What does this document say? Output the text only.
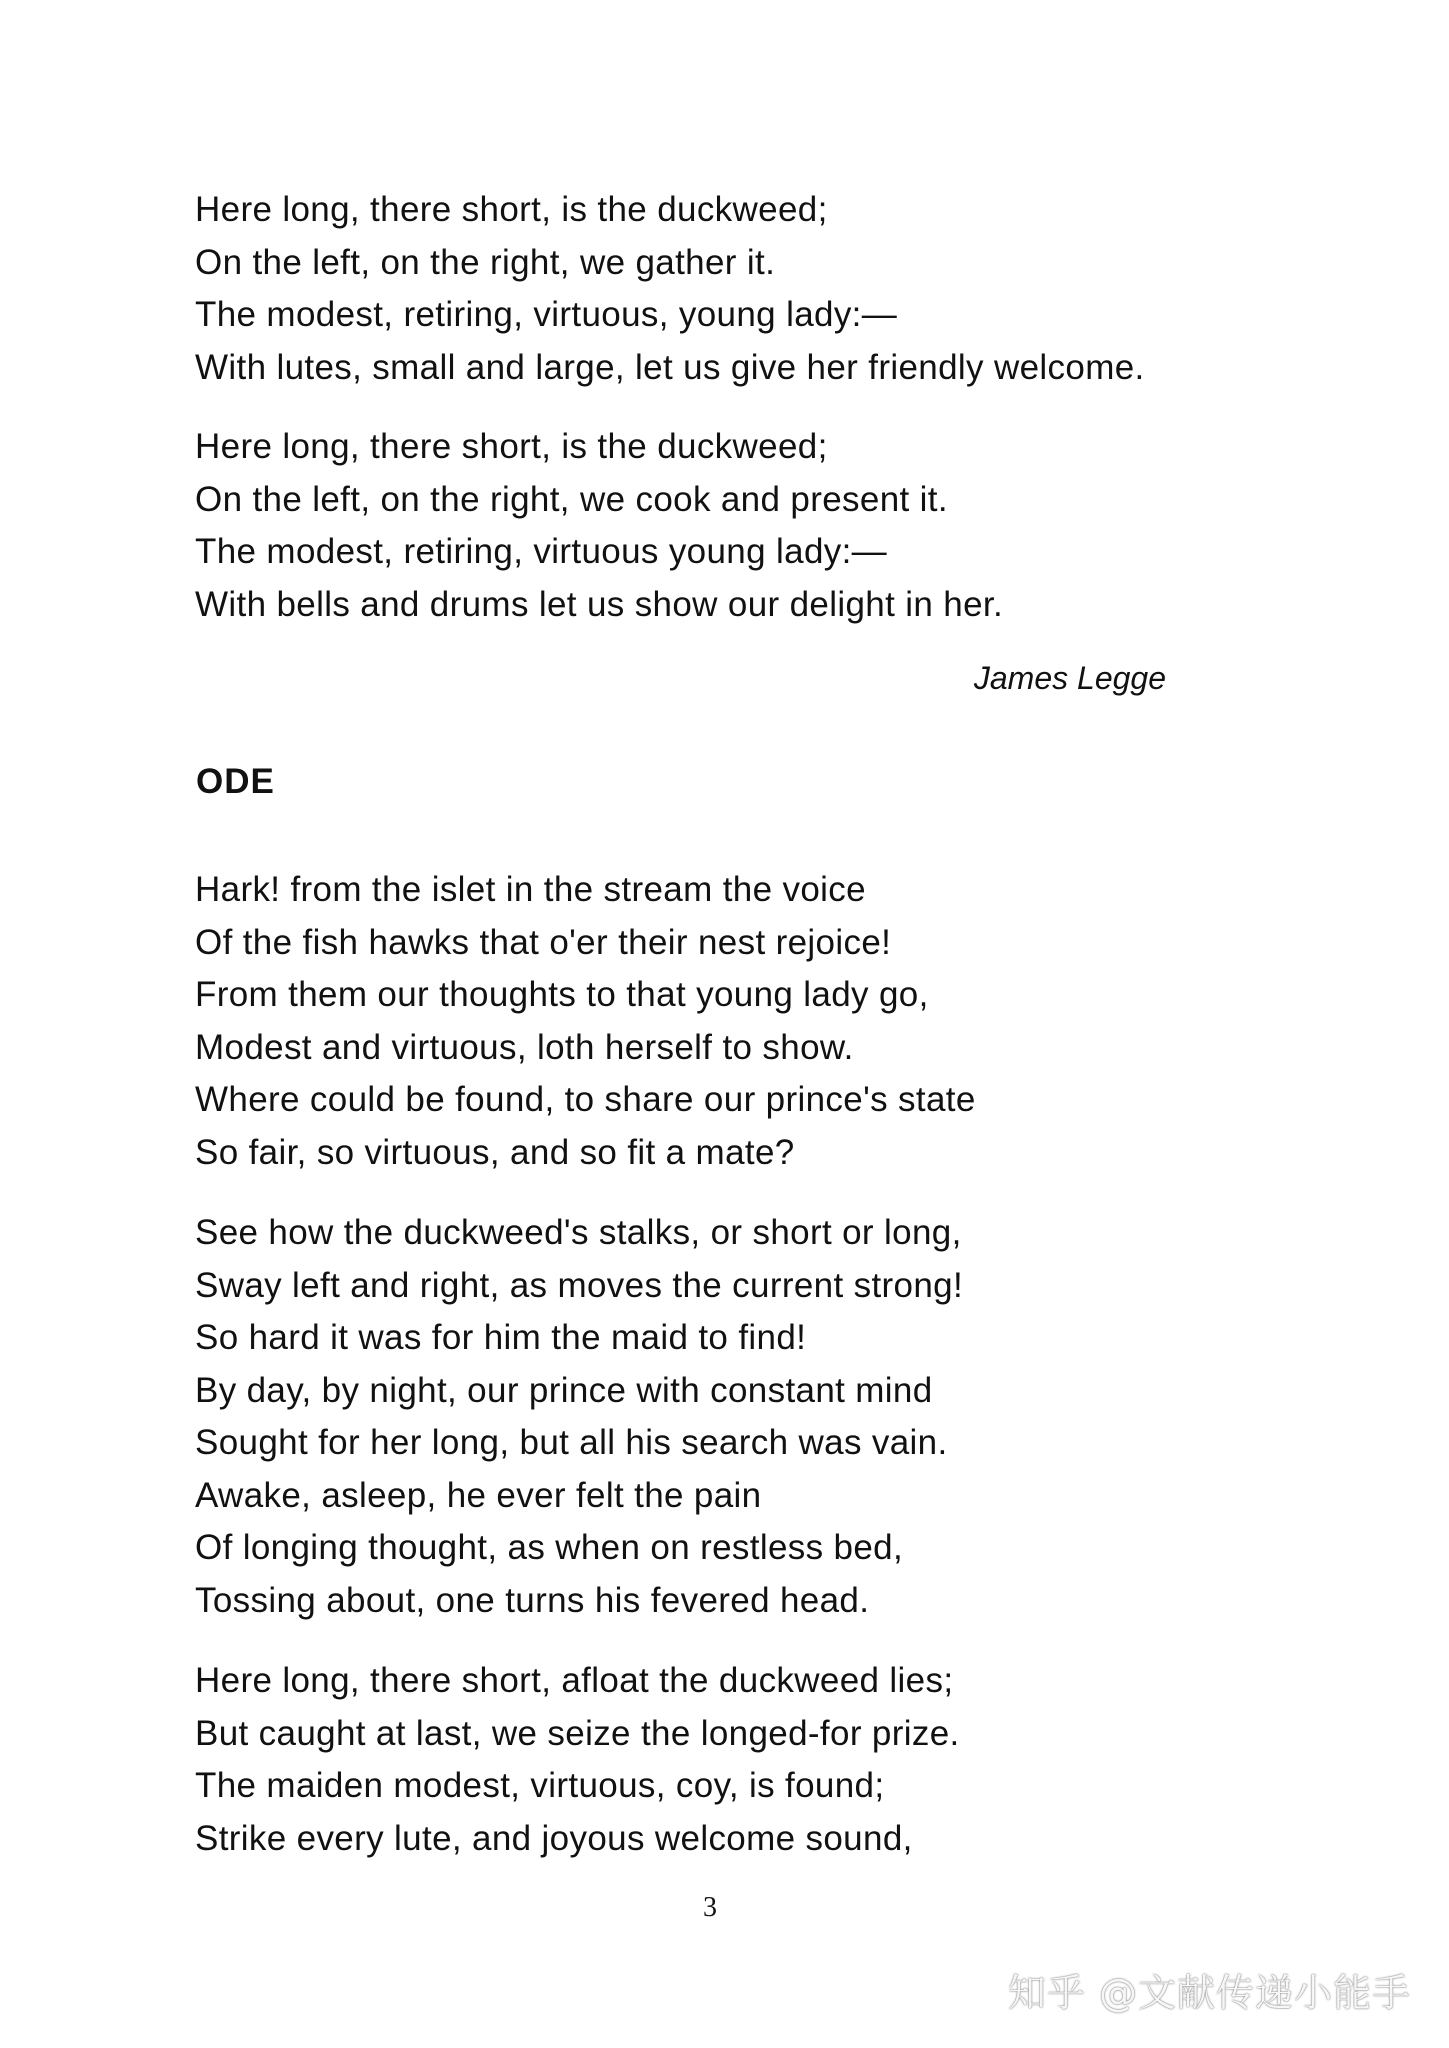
Here long, there short, is the duckweed;
On the left, on the right, we gather it.
The modest, retiring, virtuous, young lady:—
With lutes, small and large, let us give her friendly welcome.
Here long, there short, is the duckweed;
On the left, on the right, we cook and present it.
The modest, retiring, virtuous young lady:—
With bells and drums let us show our delight in her.
James Legge
ODE
Hark! from the islet in the stream the voice
Of the fish hawks that o'er their nest rejoice!
From them our thoughts to that young lady go,
Modest and virtuous, loth herself to show.
Where could be found, to share our prince's state
So fair, so virtuous, and so fit a mate?
See how the duckweed's stalks, or short or long,
Sway left and right, as moves the current strong!
So hard it was for him the maid to find!
By day, by night, our prince with constant mind
Sought for her long, but all his search was vain.
Awake, asleep, he ever felt the pain
Of longing thought, as when on restless bed,
Tossing about, one turns his fevered head.
Here long, there short, afloat the duckweed lies;
But caught at last, we seize the longed-for prize.
The maiden modest, virtuous, coy, is found;
Strike every lute, and joyous welcome sound,
3
知乎 @文献传递小能手
